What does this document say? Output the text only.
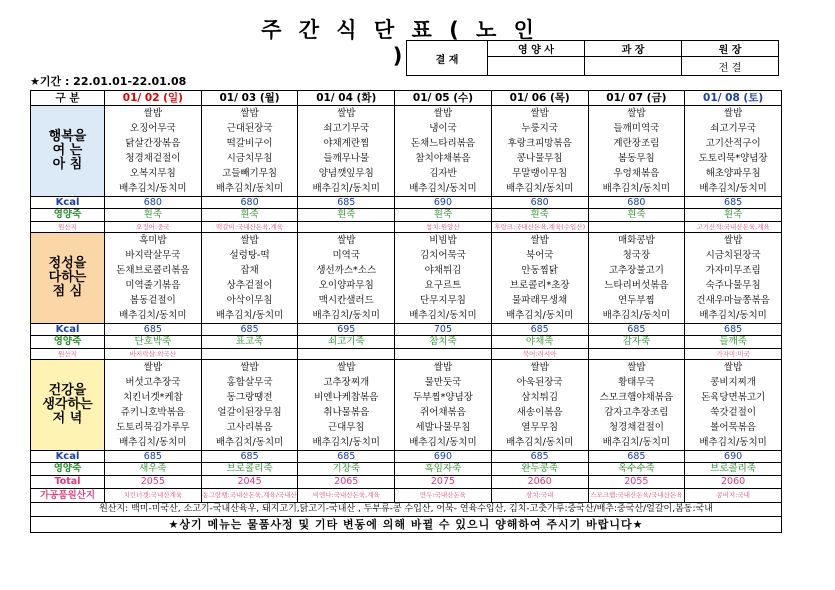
주 간 식 단 표 ( 노 인 )	결 재	영 양 사	과 장	원 장
			전 결
★기간 : 22.01.01-22.01.08
구 분	01/ 02 (일)	01/ 03 (월)	01/ 04 (화)	01/ 05 (수)	01/ 06 (목)	01/ 07 (금)	01/ 08 (토)
행복을
여 는
아 침	쌀밥	쌀밥	쌀밥	쌀밥	쌀밥	쌀밥	쌀밥
	오징어무국	근대된장국	쇠고기무국	냉이국	누룽지국	들깨미역국	쇠고기무국
	닭살간장볶음	떡갈비구이	야채계란찜	돈채느타리볶음	후랑크피망볶음	계란장조림	고기산적구이
	청경채겉절이	시금치무침	들깨무나물	참치야채볶음	콩나물무침	봄동무침	도토리묵*양념장
	오복지무침	고들빼기무침	양념깻잎무침	김자반	무말랭이무침	우엉채볶음	해초양파무침
	배추김치/동치미	배추김치/동치미	배추김치/동치미	배추김치/동치미	배추김치/동치미	배추김치/동치미	배추김치/동치미
Kcal	680	680	685	690	680	680	685
영양죽	흰죽	흰죽	흰죽	흰죽	흰죽	흰죽	흰죽
원산지	오징어:중국	떡갈비:국내산돈육,계육		참치:원양산	후랑크:국내산돈육,계육(수입산)		고기산적:국내산돈육,계육
정성을
다하는
점 심	흑미밥	쌀밥	쌀밥	비빔밥	쌀밥	매화콩밥	쌀밥
	바지락살무국	설렁탕-떡	미역국	김치어묵국	북어국	청국장	시금치된장국
	돈채브로콜리볶음	잡채	생선까스*소스	야채튀김	안동찜닭	고추장불고기	가자미무조림
	미역줄기볶음	상추겉절이	오이양파무침	요구르트	브로콜리*초장	느타리버섯볶음	숙주나물무침
	봄동겉절이	아삭이무침	맥시칸샐러드	단무지무침	물파래무생채	연두부찜	건새우마늘쫑볶음
	배추김치/동치미	배추김치/동치미	배추김치/동치미	배추김치/동치미	배추김치/동치미	배추김치/동치미	배추김치/동치미
Kcal	685	685	695	705	685	685	685
영양죽	단호박죽	표고죽	쇠고기죽	참치죽	야채죽	감자죽	들깨죽
원산지	바지락살:외국산				북어:러시아		가자미:미국
건강을
생각하는
저 녁	쌀밥	쌀밥	쌀밥	쌀밥	쌀밥	쌀밥	쌀밥
	버섯고추장국	홍합살무국	고추장찌개	물만둣국	아욱된장국	황태무국	콩비지찌개
	치킨너겟*케찹	동그랑땡전	비엔나케찹볶음	두부찜*양념장	삼치튀김	스모크햄야채볶음	돈육당면볶고기
	쥬키니호박볶음	얼갈이된장무침	취나물볶음	쥐어채볶음	새송이볶음	감자고추장조림	쑥갓겉절이
	도토리묵김가루무	고사리볶음	근대무침	세발나물무침	열무무침	청경채겉절이	볼어묵볶음
	배추김치/동치미	배추김치/동치미	배추김치/동치미	배추김치/동치미	배추김치/동치미	배추김치/동치미	배추김치/동치미
Kcal	685	685	685	690	685	685	690
영양죽	새우죽	브로콜리죽	기장죽	흑임자죽	완두콩죽	옥수수죽	브로콜리죽
Total	2055	2045	2065	2075	2060	2055	2060
가공품원산지	치킨너겟:국내산계육	동그랑땡:국내산돈육,계육/국내산	비엔나:국내산돈육,계육	만두:국내산돈육	삼치:국내	스모크햄:국내산돈육/국내산돈육	콩비지:국내
원산지: 백미-미국산, 소고기-국내산육우, 돼지고기,닭고기-국내산 , 두부류-콩 수입산, 어묵- 연육수입산, 김치-고춧가루:중국산/배추:중국산/얼갈이,봄동:국내							
★상기 메뉴는 물품사정 및 기타 변동에 의해 바뀔 수 있으니 양해하여 주시기 바랍니다★							
